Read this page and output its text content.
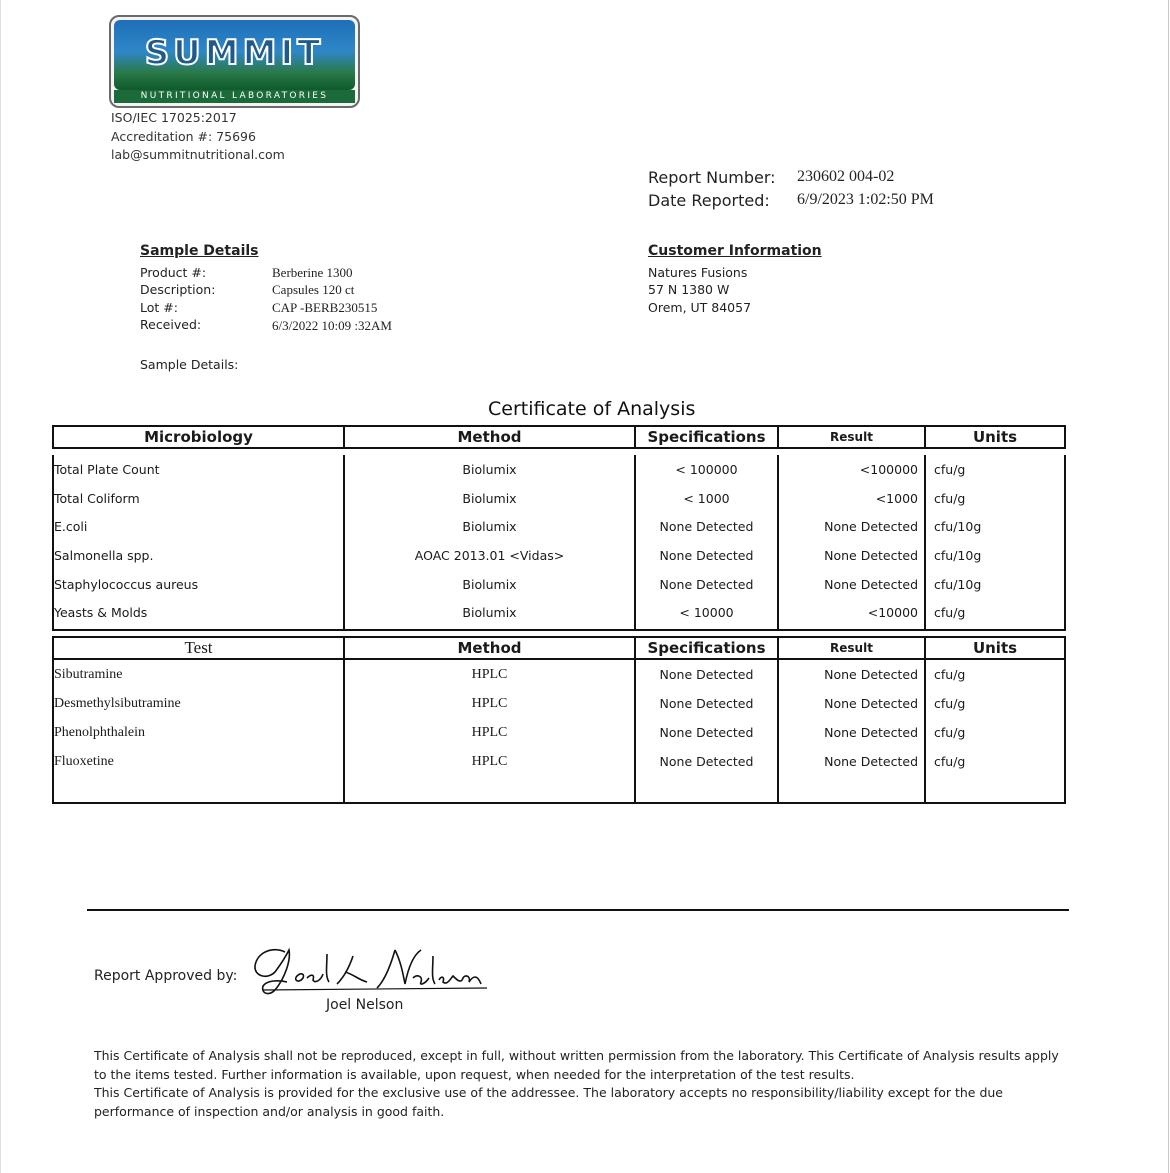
SUMMIT
NUTRITIONAL LABORATORIES
ISO/IEC 17025:2017
Accreditation #: 75696
lab@summitnutritional.com
Report Number: 230602 004-02
Date Reported: 6/9/2023 1:02:50 PM
Sample Details
Product #:	Berberine 1300
Description:	Capsules 120 ct
Lot #:	CAP -BERB230515
Received:	6/3/2022 10:09 :32AM
Sample Details:
Customer Information
Natures Fusions
57 N 1380 W
Orem, UT 84057
Certificate of Analysis
Microbiology	Method	Specifications	Result	Units

Total Plate Count	Biolumix	< 100000	<100000	cfu/g
Total Coliform	Biolumix	< 1000	<1000	cfu/g
E.coli	Biolumix	None Detected	None Detected	cfu/10g
Salmonella spp.	AOAC 2013.01 <Vidas>	None Detected	None Detected	cfu/10g
Staphylococcus aureus	Biolumix	None Detected	None Detected	cfu/10g
Yeasts & Molds	Biolumix	< 10000	<10000	cfu/g

Test	Method	Specifications	Result	Units
Sibutramine	HPLC	None Detected	None Detected	cfu/g
Desmethylsibutramine	HPLC	None Detected	None Detected	cfu/g
Phenolphthalein	HPLC	None Detected	None Detected	cfu/g
Fluoxetine	HPLC	None Detected	None Detected	cfu/g

Report Approved by:
Joel Nelson
This Certificate of Analysis shall not be reproduced, except in full, without written permission from the laboratory. This Certificate of Analysis results apply to the items tested. Further information is available, upon request, when needed for the interpretation of the test results.
This Certificate of Analysis is provided for the exclusive use of the addressee. The laboratory accepts no responsibility/liability except for the due performance of inspection and/or analysis in good faith.
